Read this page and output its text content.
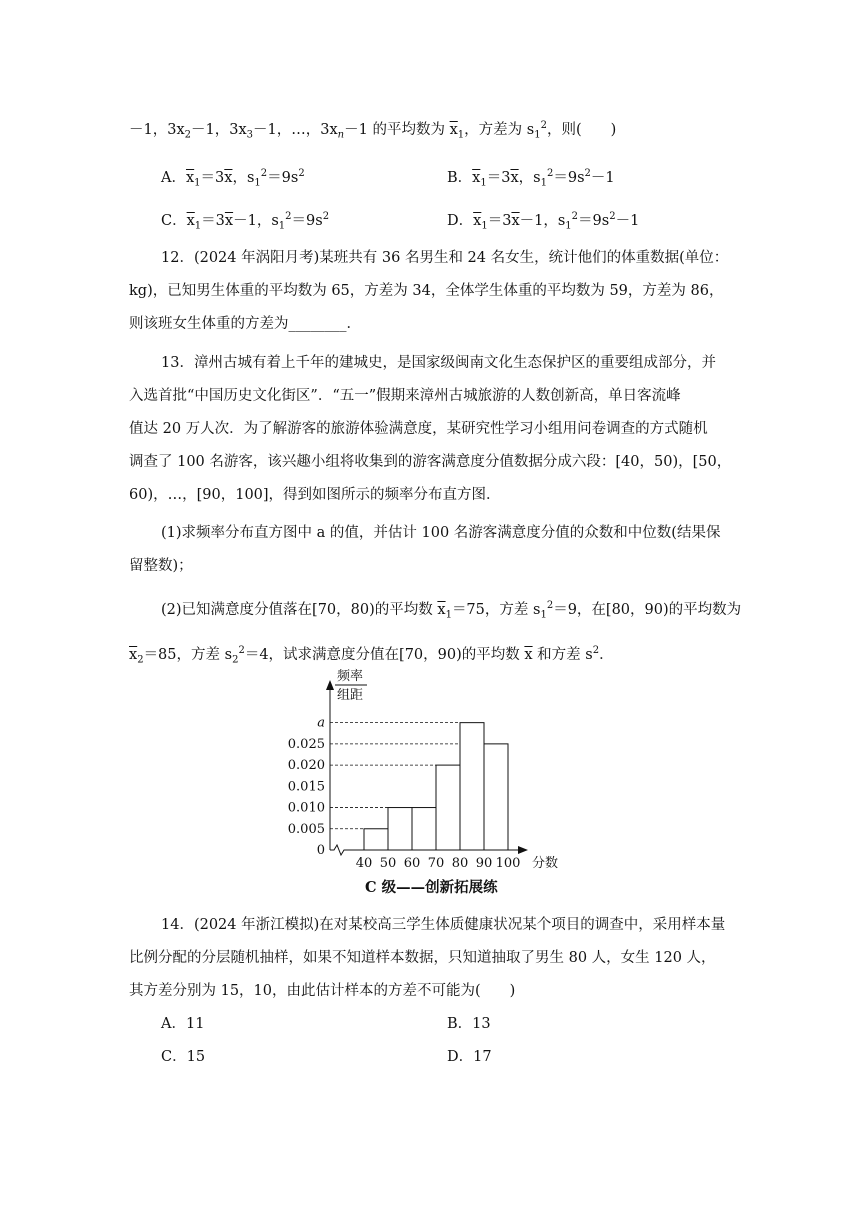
－1，$3x_2-1$，$3x_3-1$，…，$3x_n-1$ 的平均数为 $\overline{x}_1$，方差为 $s_1^2$，则(　　)
A．$\overline{x}_1=3\overline{x}$，$s_1^2=9s^2$	B．$\overline{x}_1=3\overline{x}$，$s_1^2=9s^2-1$
C．$\overline{x}_1=3\overline{x}-1$，$s_1^2=9s^2$	D．$\overline{x}_1=3\overline{x}-1$，$s_1^2=9s^2-1$
12．(2024 年涡阳月考)某班共有 36 名男生和 24 名女生，统计他们的体重数据(单位：
kg)，已知男生体重的平均数为 65，方差为 34，全体学生体重的平均数为 59，方差为 86，
则该班女生体重的方差为________．
13．漳州古城有着上千年的建城史，是国家级闽南文化生态保护区的重要组成部分，并
入选首批“中国历史文化街区”．“五一”假期来漳州古城旅游的人数创新高，单日客流峰
值达 20 万人次．为了解游客的旅游体验满意度，某研究性学习小组用问卷调查的方式随机
调查了 100 名游客，该兴趣小组将收集到的游客满意度分值数据分成六段：[40，50)，[50，
60)，…，[90，100]，得到如图所示的频率分布直方图．
(1)求频率分布直方图中 a 的值，并估计 100 名游客满意度分值的众数和中位数(结果保
留整数)；
(2)已知满意度分值落在[70，80)的平均数 $\overline{x}_1=75$，方差 $s_1^2=9$，在[80，90)的平均数为
$\overline{x}_2=85$，方差 $s_2^2=4$，试求满意度分值在[70，90)的平均数 $\overline{x}$ 和方差 $s^2$．
频率
组距
0
0.005
0.010
0.015
0.020
0.025
a
40 50 60 70 80 90 100 分数
C 级——创新拓展练
14．(2024 年浙江模拟)在对某校高三学生体质健康状况某个项目的调查中，采用样本量
比例分配的分层随机抽样，如果不知道样本数据，只知道抽取了男生 80 人，女生 120 人，
其方差分别为 15，10，由此估计样本的方差不可能为(　　)
A．11	B．13
C．15	D．17
